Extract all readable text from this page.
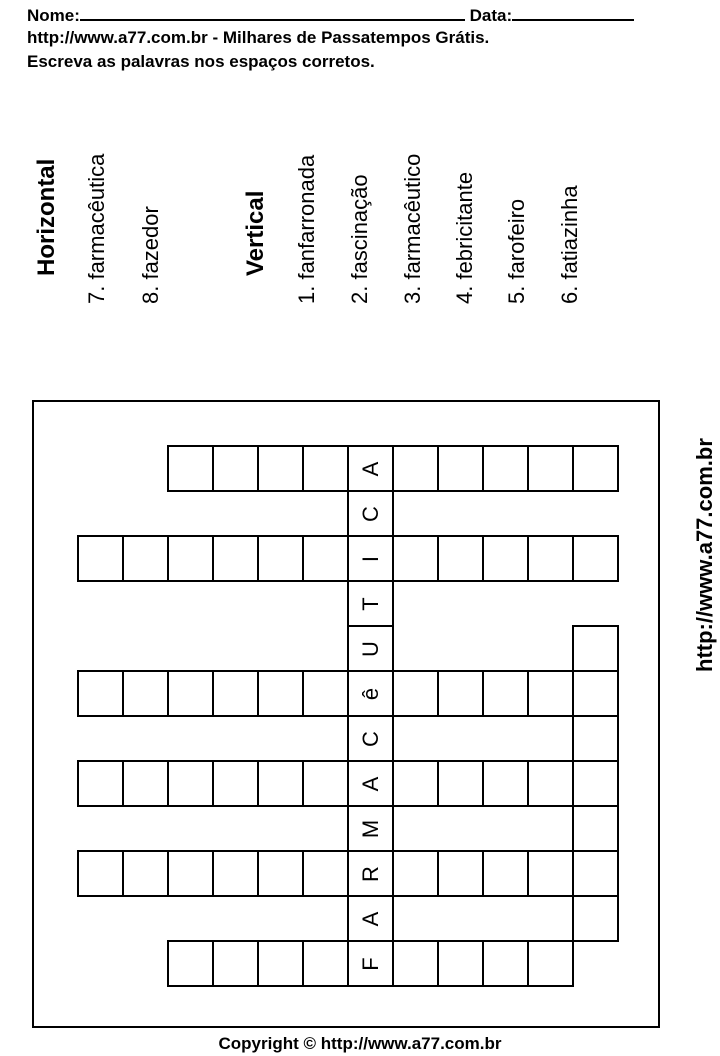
Nome:	Data:
http://www.a77.com.br - Milhares de Passatempos Grátis.
Escreva as palavras nos espaços corretos.
Horizontal 7. farmacêutica 8. fazedor	Vertical 1. fanfarronada 2. fascinação 3. farmacêutico 4. febricitante 5. farofeiro 6. fatiazinha
F
A
R
M
A
C
ê
U
T
I
C
A	http://www.a77.com.br
Copyright © http://www.a77.com.br
